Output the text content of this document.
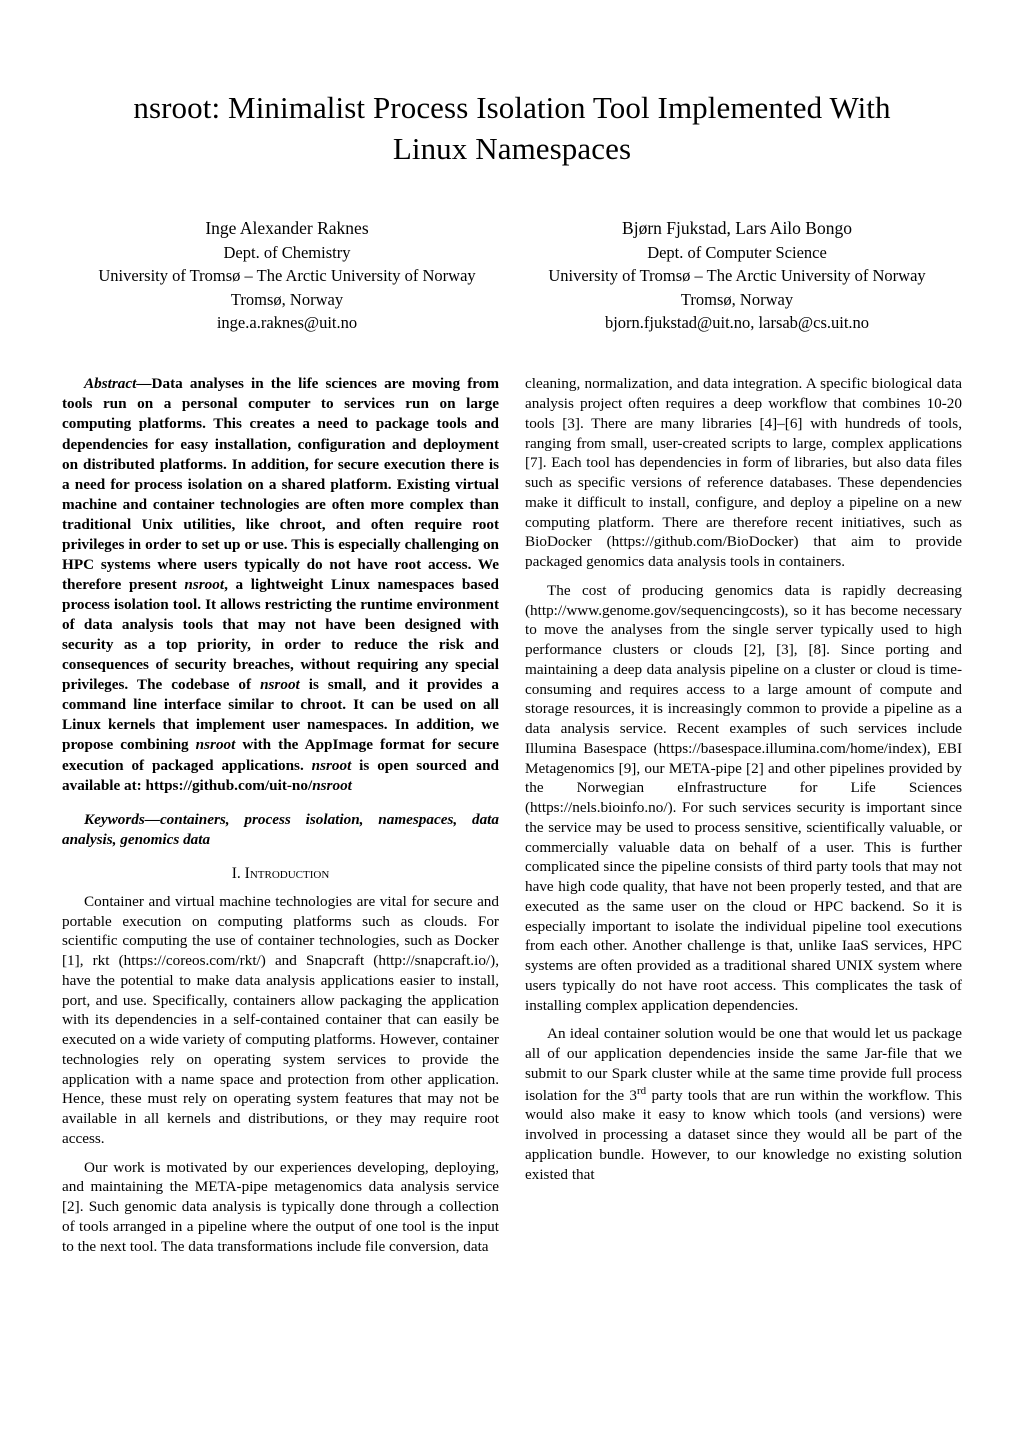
nsroot: Minimalist Process Isolation Tool Implemented With Linux Namespaces
Inge Alexander Raknes
Dept. of Chemistry
University of Tromsø – The Arctic University of Norway
Tromsø, Norway
inge.a.raknes@uit.no
Bjørn Fjukstad, Lars Ailo Bongo
Dept. of Computer Science
University of Tromsø – The Arctic University of Norway
Tromsø, Norway
bjorn.fjukstad@uit.no, larsab@cs.uit.no
Abstract—Data analyses in the life sciences are moving from tools run on a personal computer to services run on large computing platforms. This creates a need to package tools and dependencies for easy installation, configuration and deployment on distributed platforms. In addition, for secure execution there is a need for process isolation on a shared platform. Existing virtual machine and container technologies are often more complex than traditional Unix utilities, like chroot, and often require root privileges in order to set up or use. This is especially challenging on HPC systems where users typically do not have root access. We therefore present nsroot, a lightweight Linux namespaces based process isolation tool. It allows restricting the runtime environment of data analysis tools that may not have been designed with security as a top priority, in order to reduce the risk and consequences of security breaches, without requiring any special privileges. The codebase of nsroot is small, and it provides a command line interface similar to chroot. It can be used on all Linux kernels that implement user namespaces. In addition, we propose combining nsroot with the AppImage format for secure execution of packaged applications. nsroot is open sourced and available at: https://github.com/uit-no/nsroot
Keywords—containers, process isolation, namespaces, data analysis, genomics data
I. Introduction

Container and virtual machine technologies are vital for secure and portable execution on computing platforms such as clouds. For scientific computing the use of container technologies, such as Docker [1], rkt (https://coreos.com/rkt/) and Snapcraft (http://snapcraft.io/), have the potential to make data analysis applications easier to install, port, and use. Specifically, containers allow packaging the application with its dependencies in a self-contained container that can easily be executed on a wide variety of computing platforms. However, container technologies rely on operating system services to provide the application with a name space and protection from other application. Hence, these must rely on operating system features that may not be available in all kernels and distributions, or they may require root access.

Our work is motivated by our experiences developing, deploying, and maintaining the META-pipe metagenomics data analysis service [2]. Such genomic data analysis is typically done through a collection of tools arranged in a pipeline where the output of one tool is the input to the next tool. The data transformations include file conversion, data

cleaning, normalization, and data integration. A specific biological data analysis project often requires a deep workflow that combines 10-20 tools [3]. There are many libraries [4]–[6] with hundreds of tools, ranging from small, user-created scripts to large, complex applications [7]. Each tool has dependencies in form of libraries, but also data files such as specific versions of reference databases. These dependencies make it difficult to install, configure, and deploy a pipeline on a new computing platform. There are therefore recent initiatives, such as BioDocker (https://github.com/BioDocker) that aim to provide packaged genomics data analysis tools in containers.

The cost of producing genomics data is rapidly decreasing (http://www.genome.gov/sequencingcosts), so it has become necessary to move the analyses from the single server typically used to high performance clusters or clouds [2], [3], [8]. Since porting and maintaining a deep data analysis pipeline on a cluster or cloud is time-consuming and requires access to a large amount of compute and storage resources, it is increasingly common to provide a pipeline as a data analysis service. Recent examples of such services include Illumina Basespace (https://basespace.illumina.com/home/index), EBI Metagenomics [9], our META-pipe [2] and other pipelines provided by the Norwegian eInfrastructure for Life Sciences (https://nels.bioinfo.no/). For such services security is important since the service may be used to process sensitive, scientifically valuable, or commercially valuable data on behalf of a user. This is further complicated since the pipeline consists of third party tools that may not have high code quality, that have not been properly tested, and that are executed as the same user on the cloud or HPC backend. So it is especially important to isolate the individual pipeline tool executions from each other. Another challenge is that, unlike IaaS services, HPC systems are often provided as a traditional shared UNIX system where users typically do not have root access. This complicates the task of installing complex application dependencies.

An ideal container solution would be one that would let us package all of our application dependencies inside the same Jar-file that we submit to our Spark cluster while at the same time provide full process isolation for the 3rd party tools that are run within the workflow. This would also make it easy to know which tools (and versions) were involved in processing a dataset since they would all be part of the application bundle. However, to our knowledge no existing solution existed that
